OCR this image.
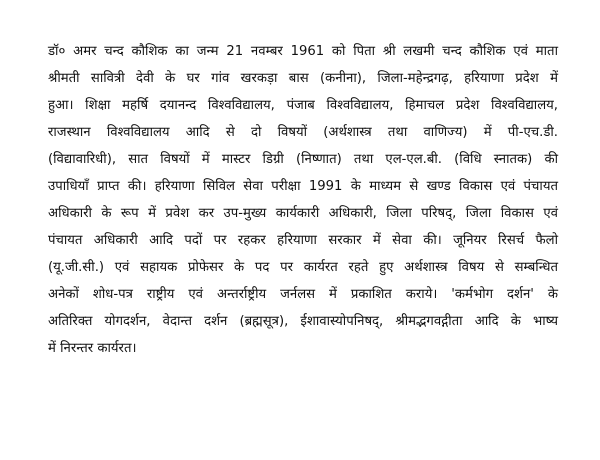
डॉ० अमर चन्द कौशिक का जन्म 21 नवम्बर 1961 को पिता श्री लखमी चन्द कौशिक एवं माता
श्रीमती सावित्री देवी के घर गांव खरकड़ा बास (कनीना), जिला-महेन्द्रगढ़, हरियाणा प्रदेश में
हुआ। शिक्षा महर्षि दयानन्द विश्वविद्यालय, पंजाब विश्वविद्यालय, हिमाचल प्रदेश विश्वविद्यालय,
राजस्थान विश्वविद्यालय आदि से दो विषयों (अर्थशास्त्र तथा वाणिज्य) में पी-एच.डी.
(विद्यावारिधी), सात विषयों में मास्टर डिग्री (निष्णात) तथा एल-एल.बी. (विधि स्नातक) की
उपाधियाँ प्राप्त की। हरियाणा सिविल सेवा परीक्षा 1991 के माध्यम से खण्ड विकास एवं पंचायत
अधिकारी के रूप में प्रवेश कर उप-मुख्य कार्यकारी अधिकारी, जिला परिषद्, जिला विकास एवं
पंचायत अधिकारी आदि पदों पर रहकर हरियाणा सरकार में सेवा की। जूनियर रिसर्च फैलो
(यू.जी.सी.) एवं सहायक प्रोफेसर के पद पर कार्यरत रहते हुए अर्थशास्त्र विषय से सम्बन्धित
अनेकों शोध-पत्र राष्ट्रीय एवं अन्तर्राष्ट्रीय जर्नलस में प्रकाशित कराये। 'कर्मभोग दर्शन' के
अतिरिक्त योगदर्शन, वेदान्त दर्शन (ब्रह्मसूत्र), ईशावास्योपनिषद्, श्रीमद्भगवद्गीता आदि के भाष्य
में निरन्तर कार्यरत।
